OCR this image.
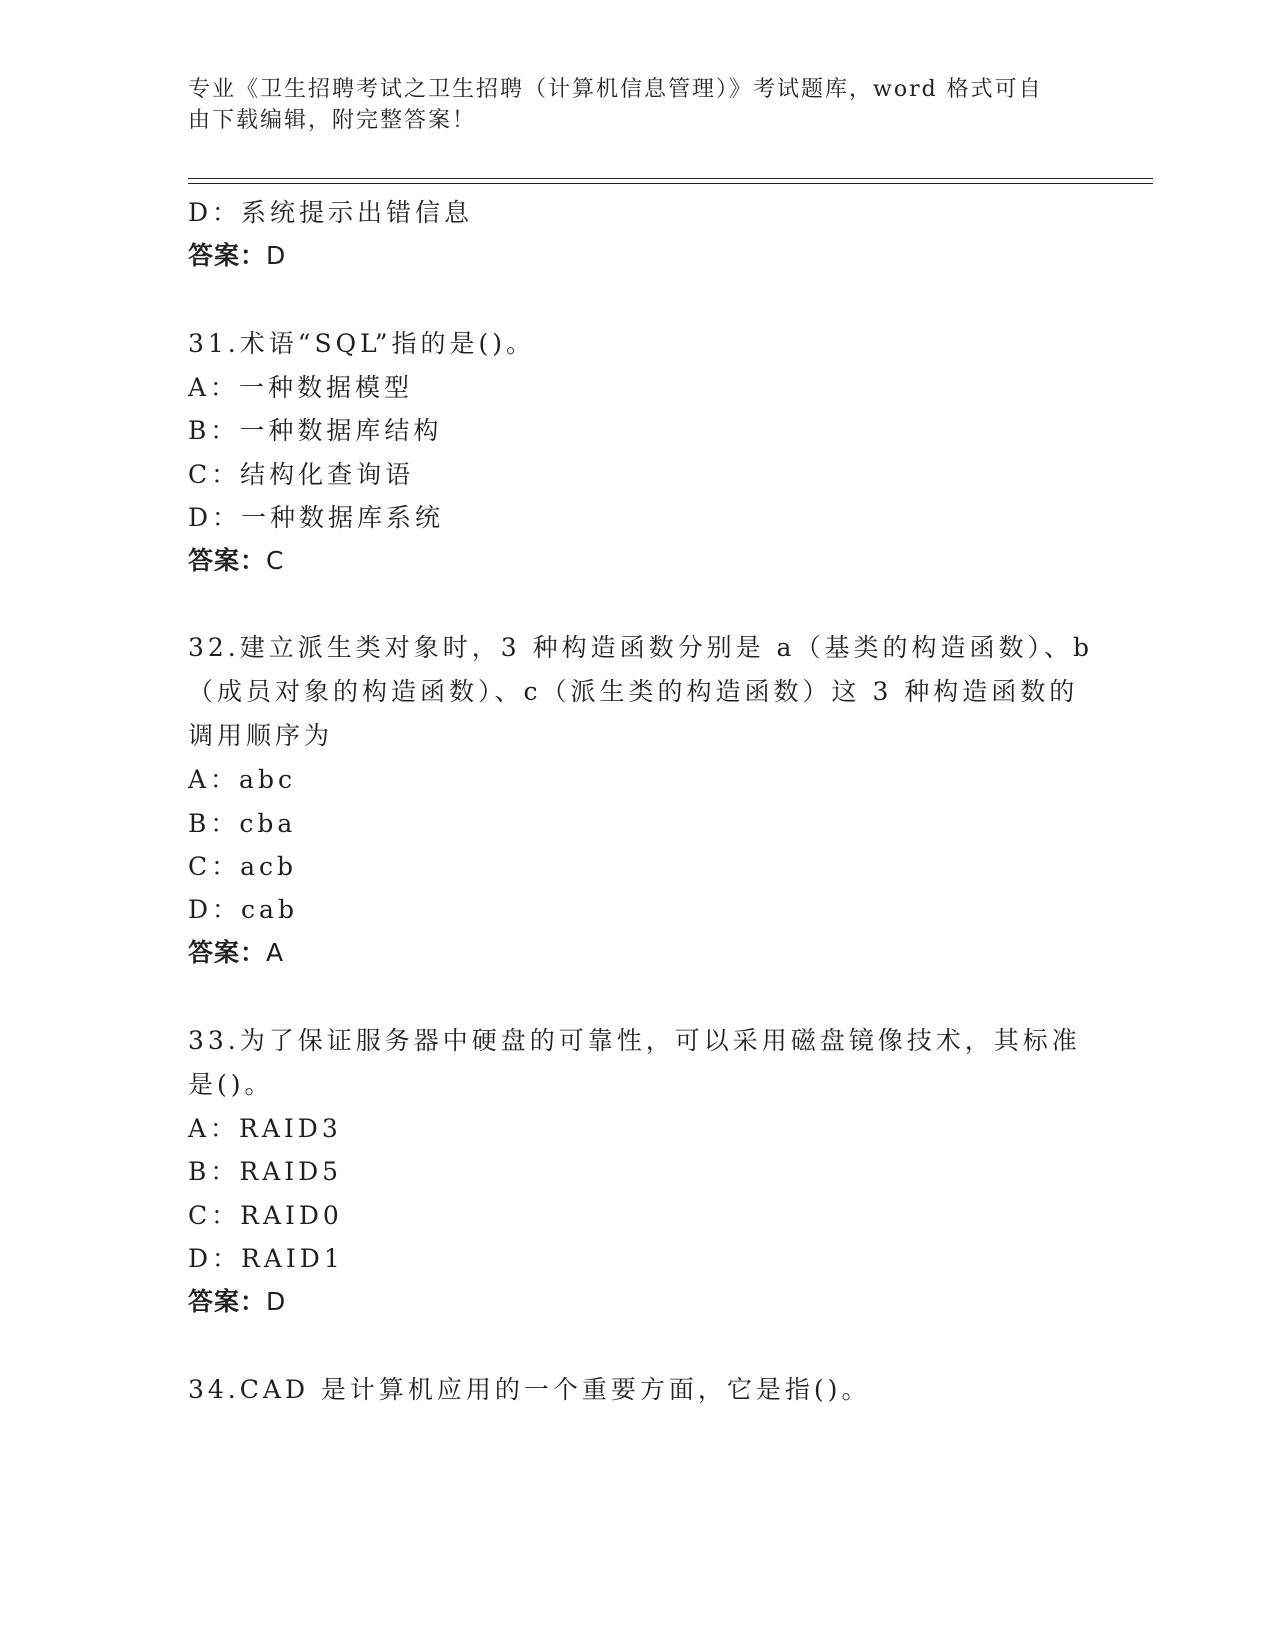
专业《卫生招聘考试之卫生招聘（计算机信息管理）》考试题库，word 格式可自
由下载编辑，附完整答案！
D：系统提示出错信息
答案：D
31.术语“SQL”指的是()。
A：一种数据模型
B：一种数据库结构
C：结构化查询语
D：一种数据库系统
答案：C
32.建立派生类对象时，3 种构造函数分别是 a（基类的构造函数）、b
（成员对象的构造函数）、c（派生类的构造函数）这 3 种构造函数的
调用顺序为
A：abc
B：cba
C：acb
D：cab
答案：A
33.为了保证服务器中硬盘的可靠性，可以采用磁盘镜像技术，其标准
是()。
A：RAID3
B：RAID5
C：RAID0
D：RAID1
答案：D
34.CAD 是计算机应用的一个重要方面，它是指()。
